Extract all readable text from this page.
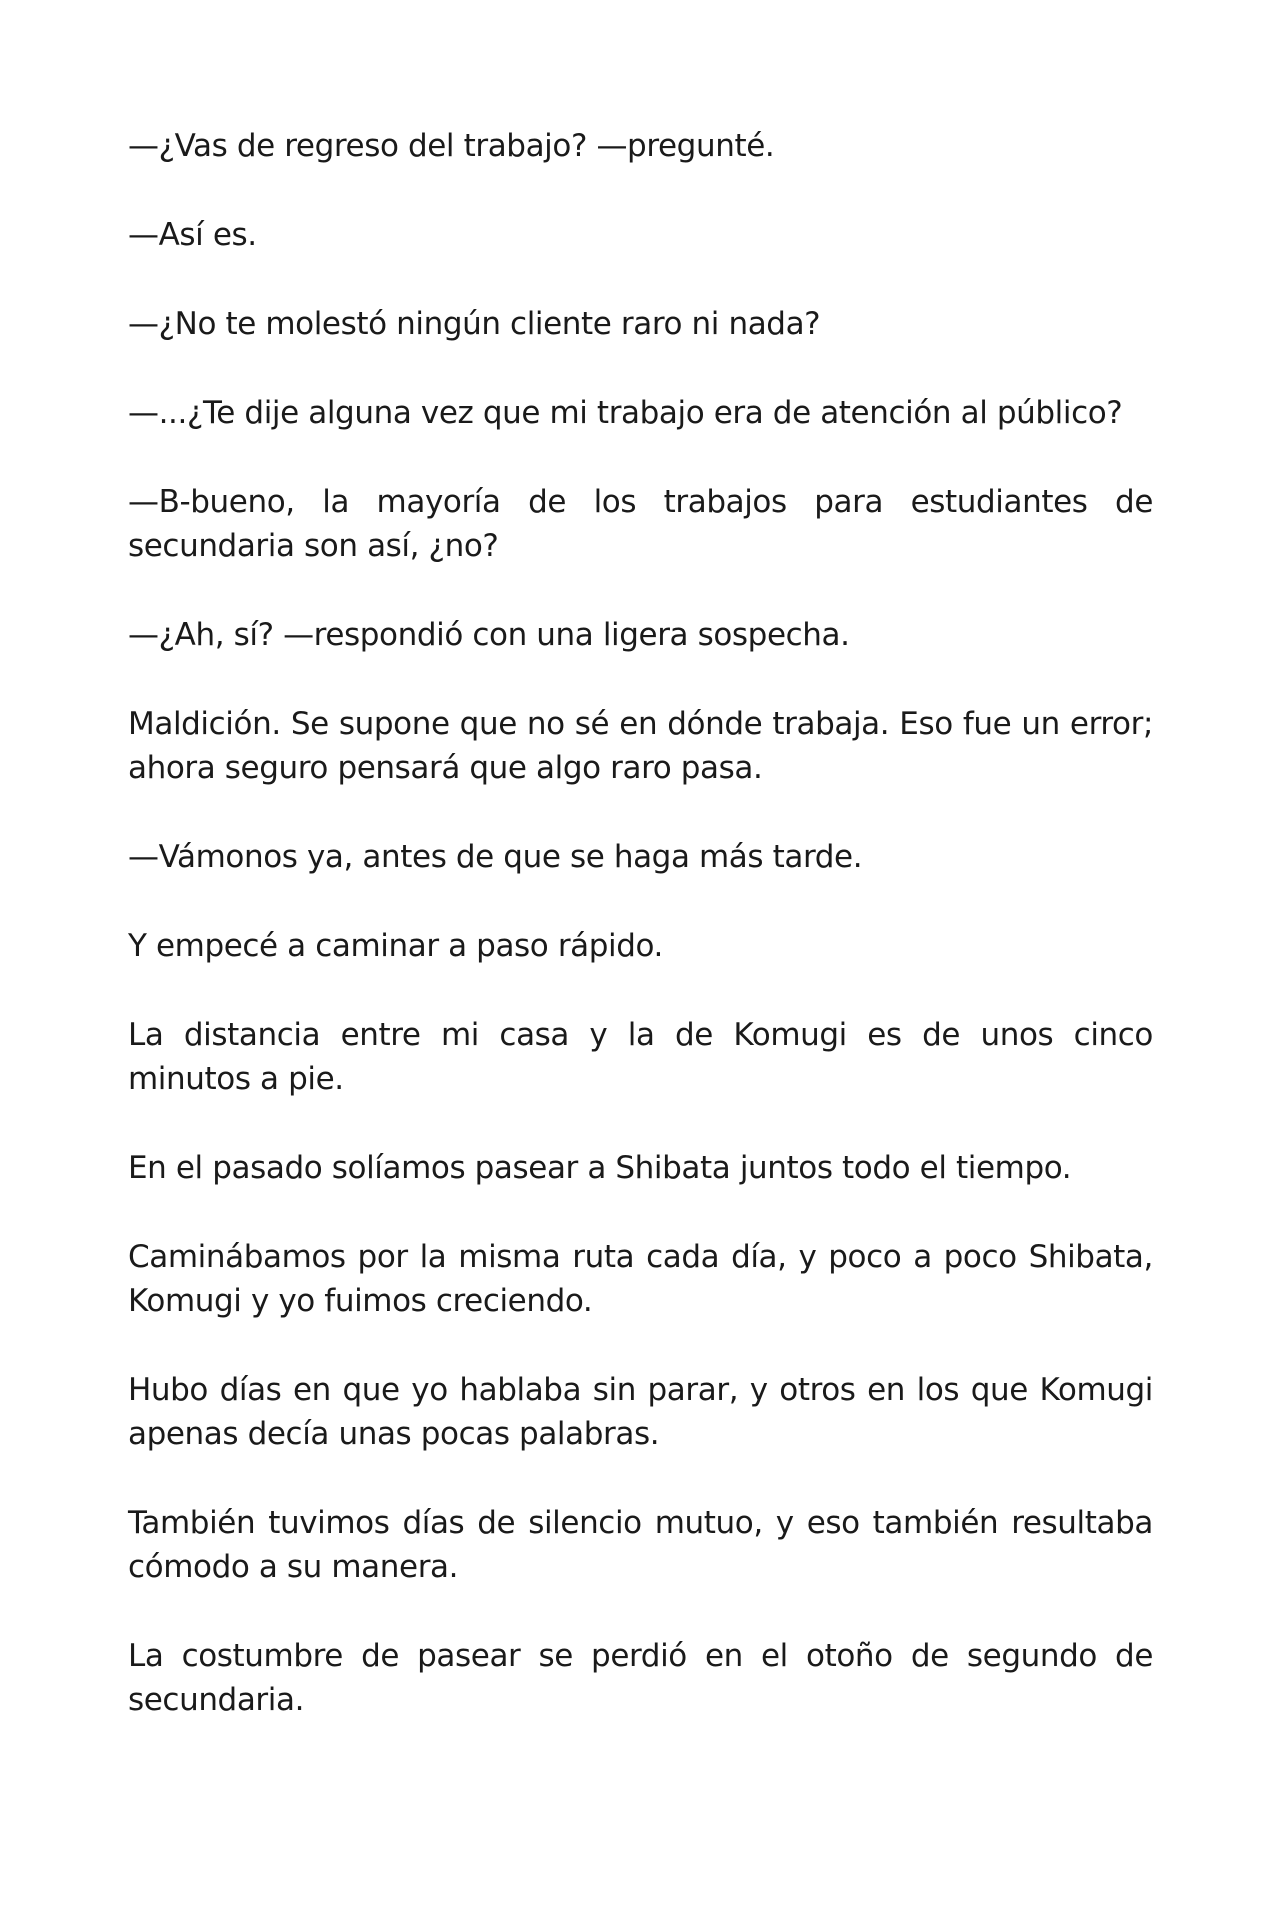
—¿Vas de regreso del trabajo? —pregunté.

—Así es.

—¿No te molestó ningún cliente raro ni nada?

—...¿Te dije alguna vez que mi trabajo era de atención al público?

—B-bueno, la mayoría de los trabajos para estudiantes de secundaria son así, ¿no?

—¿Ah, sí? —respondió con una ligera sospecha.

Maldición. Se supone que no sé en dónde trabaja. Eso fue un error; ahora seguro pensará que algo raro pasa.

—Vámonos ya, antes de que se haga más tarde.

Y empecé a caminar a paso rápido.

La distancia entre mi casa y la de Komugi es de unos cinco minutos a pie.

En el pasado solíamos pasear a Shibata juntos todo el tiempo.

Caminábamos por la misma ruta cada día, y poco a poco Shibata, Komugi y yo fuimos creciendo.

Hubo días en que yo hablaba sin parar, y otros en los que Komugi apenas decía unas pocas palabras.

También tuvimos días de silencio mutuo, y eso también resultaba cómodo a su manera.

La costumbre de pasear se perdió en el otoño de segundo de secundaria.
